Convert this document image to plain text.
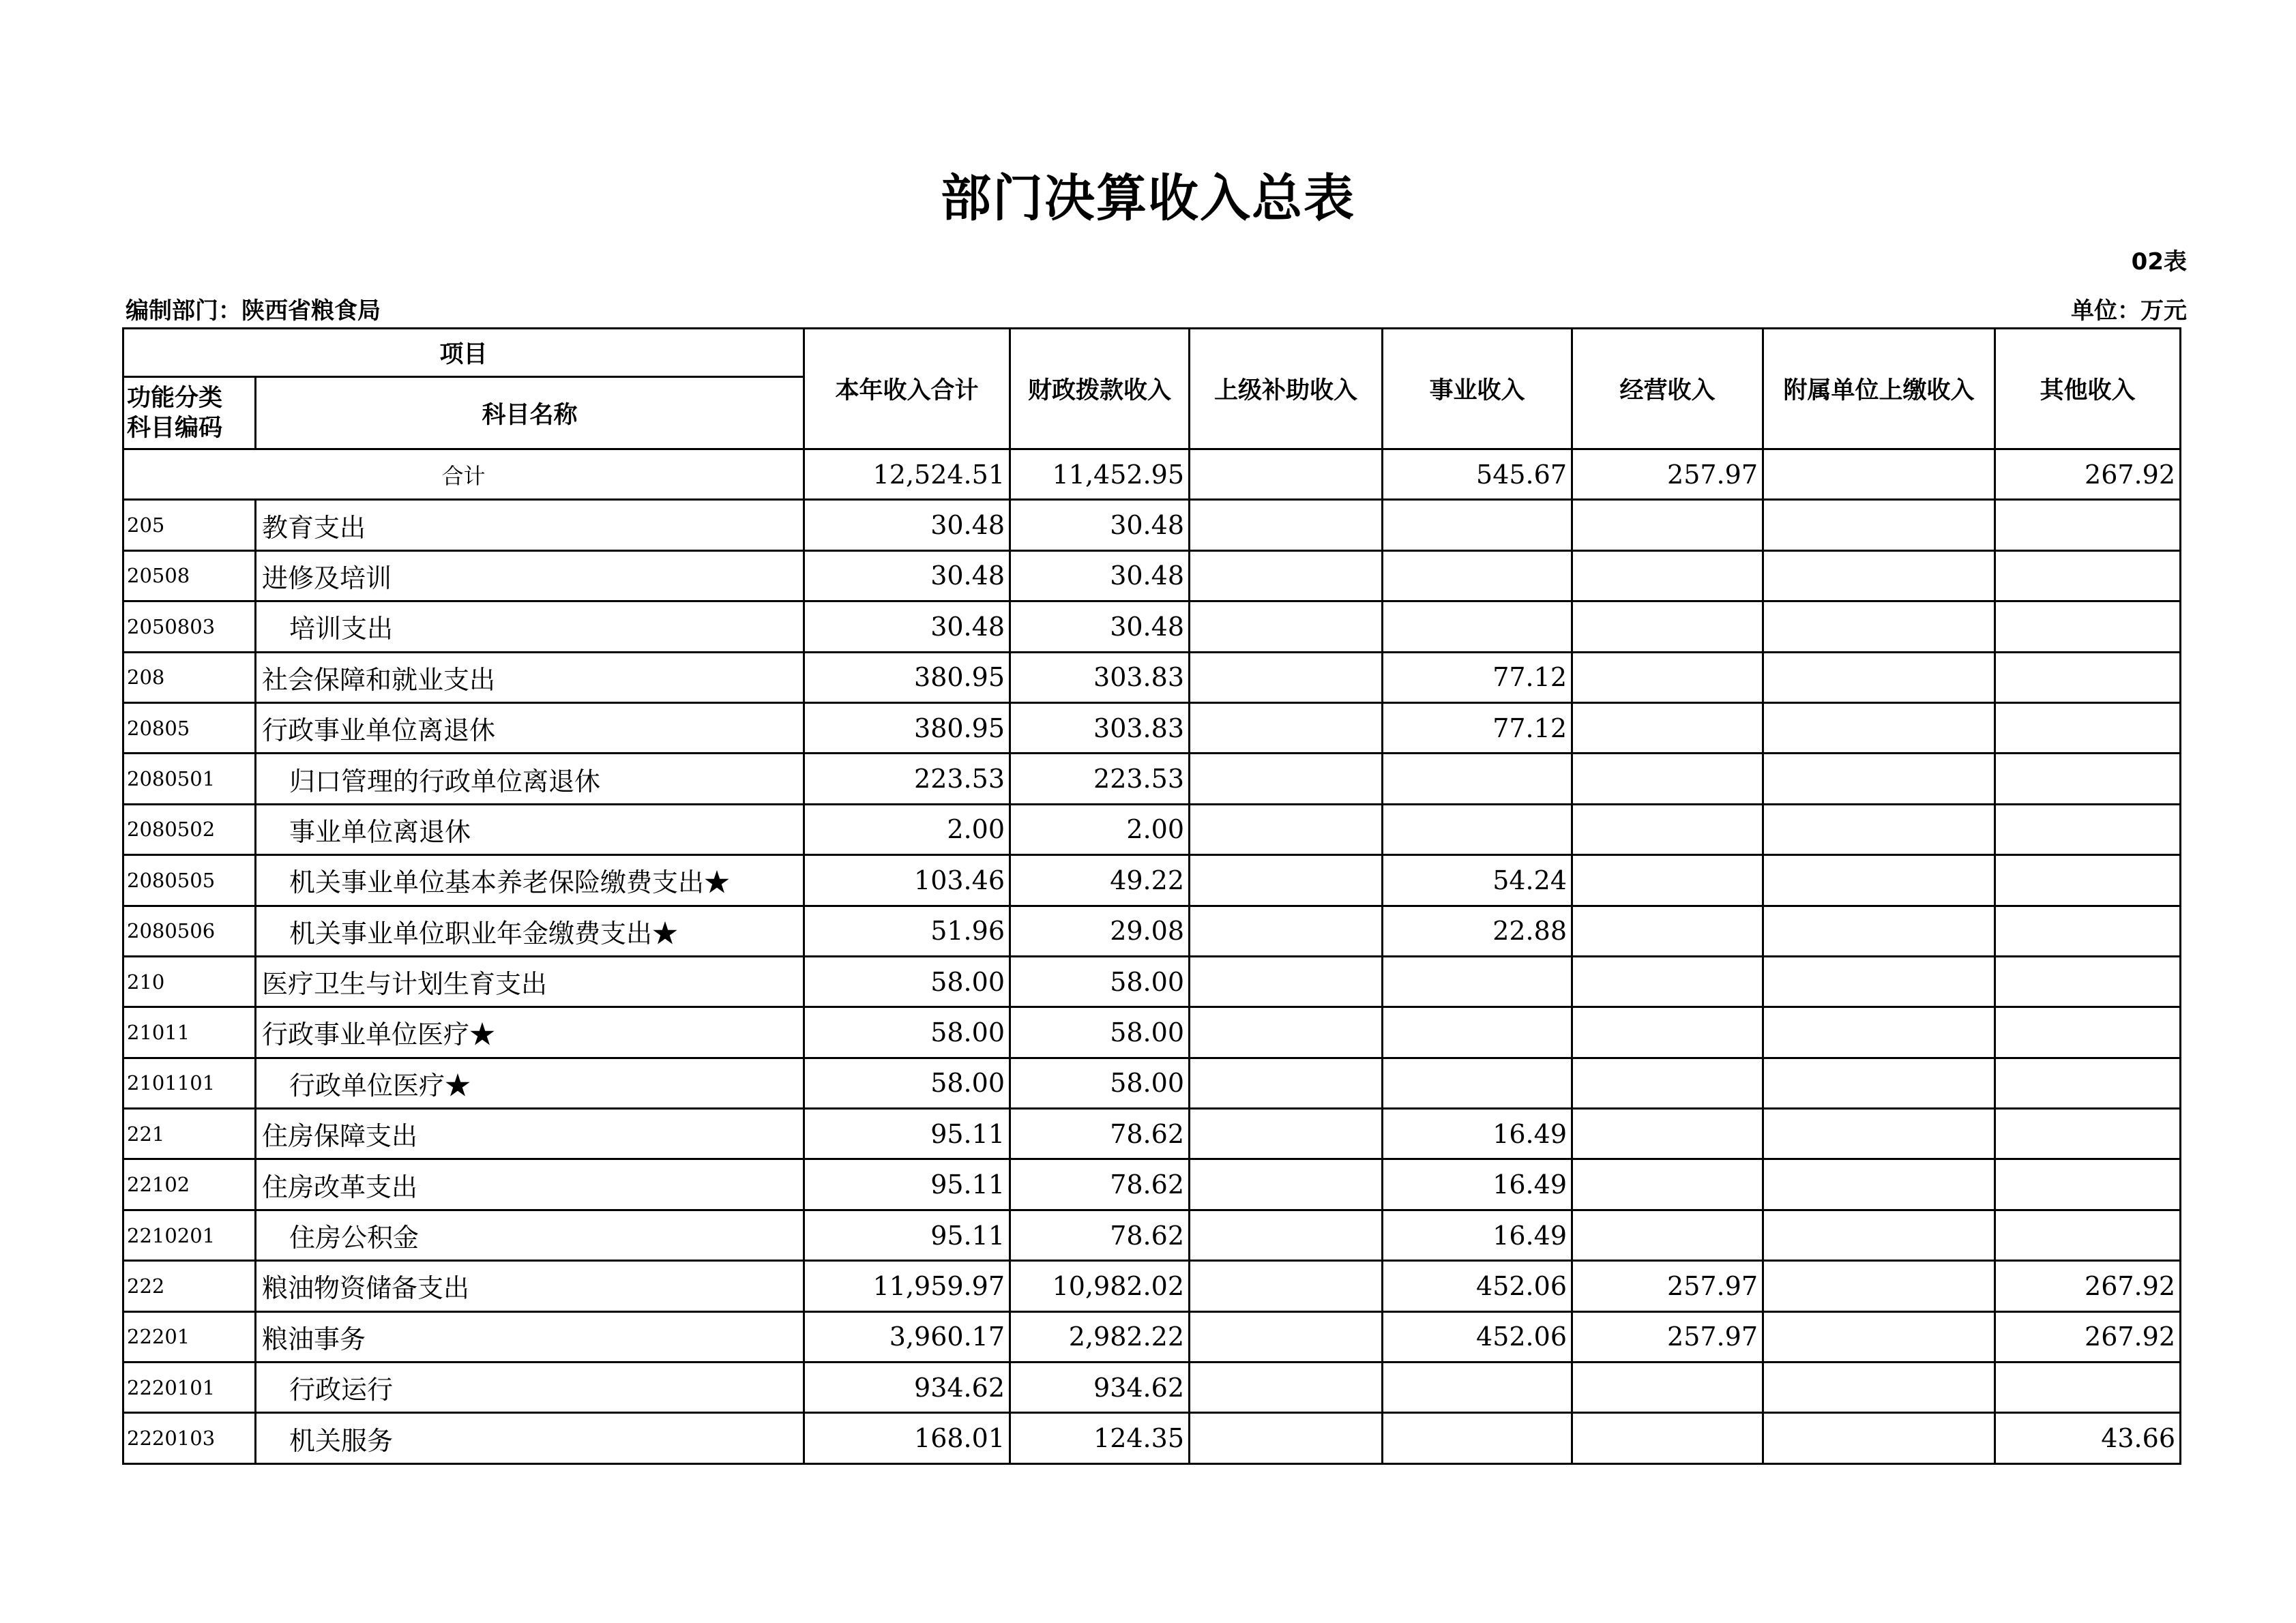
部门决算收入总表
02表
编制部门：陕西省粮食局	单位：万元
项目		本年收入合计	财政拨款收入	上级补助收入	事业收入	经营收入	附属单位上缴收入	其他收入
功能分类
科目编码	科目名称							
合计		12,524.51	11,452.95		545.67	257.97		267.92
205	教育支出	30.48	30.48					
20508	进修及培训	30.48	30.48					
2050803	培训支出	30.48	30.48					
208	社会保障和就业支出	380.95	303.83		77.12			
20805	行政事业单位离退休	380.95	303.83		77.12			
2080501	归口管理的行政单位离退休	223.53	223.53					
2080502	事业单位离退休	2.00	2.00					
2080505	机关事业单位基本养老保险缴费支出★	103.46	49.22		54.24			
2080506	机关事业单位职业年金缴费支出★	51.96	29.08		22.88			
210	医疗卫生与计划生育支出	58.00	58.00					
21011	行政事业单位医疗★	58.00	58.00					
2101101	行政单位医疗★	58.00	58.00					
221	住房保障支出	95.11	78.62		16.49			
22102	住房改革支出	95.11	78.62		16.49			
2210201	住房公积金	95.11	78.62		16.49			
222	粮油物资储备支出	11,959.97	10,982.02		452.06	257.97		267.92
22201	粮油事务	3,960.17	2,982.22		452.06	257.97		267.92
2220101	行政运行	934.62	934.62					
2220103	机关服务	168.01	124.35					43.66
